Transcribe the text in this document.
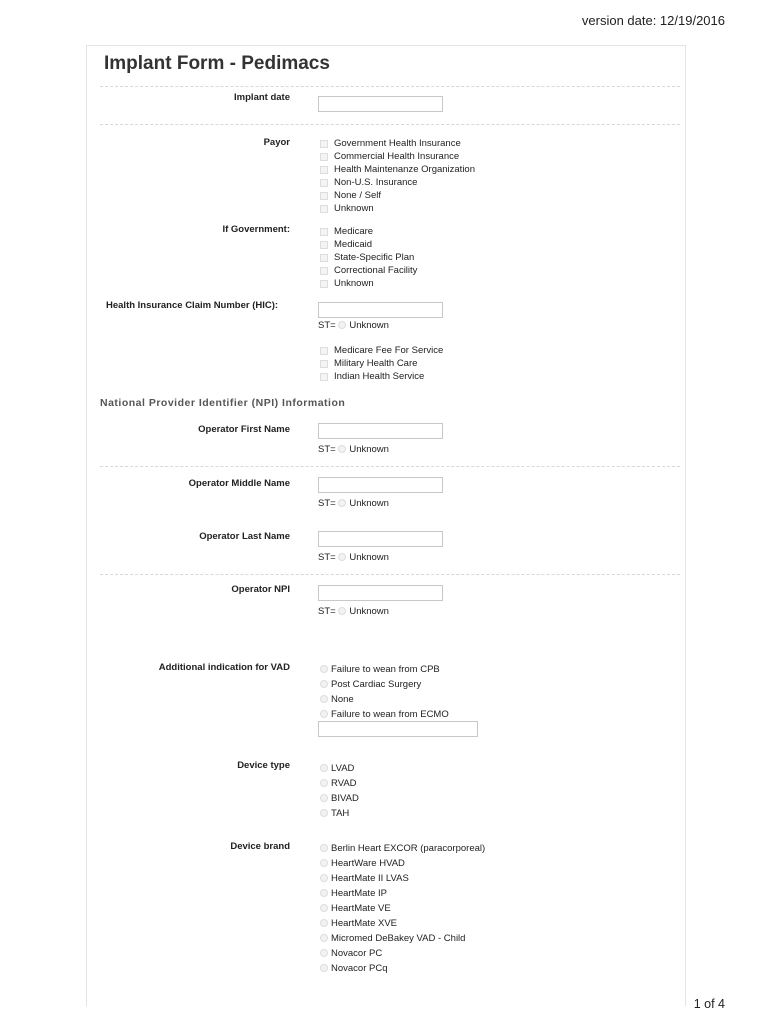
version date: 12/19/2016
Implant Form - Pedimacs
Implant date
Payor	Government Health Insurance
Commercial Health Insurance
Health Maintenanze Organization
Non-U.S. Insurance
None / Self
Unknown
If Government:	Medicare
Medicaid
State-Specific Plan
Correctional Facility
Unknown
Health Insurance Claim Number (HIC):
ST= Unknown
Medicare Fee For Service
Military Health Care
Indian Health Service
National Provider Identifier (NPI) Information
Operator First Name
ST= Unknown
Operator Middle Name
ST= Unknown
Operator Last Name
ST= Unknown
Operator NPI
ST= Unknown
Additional indication for VAD	Failure to wean from CPB
Post Cardiac Surgery
None
Failure to wean from ECMO
Device type	LVAD
RVAD
BIVAD
TAH
Device brand	Berlin Heart EXCOR (paracorporeal)
HeartWare HVAD
HeartMate II LVAS
HeartMate IP
HeartMate VE
HeartMate XVE
Micromed DeBakey VAD - Child
Novacor PC
Novacor PCq
1 of 4
